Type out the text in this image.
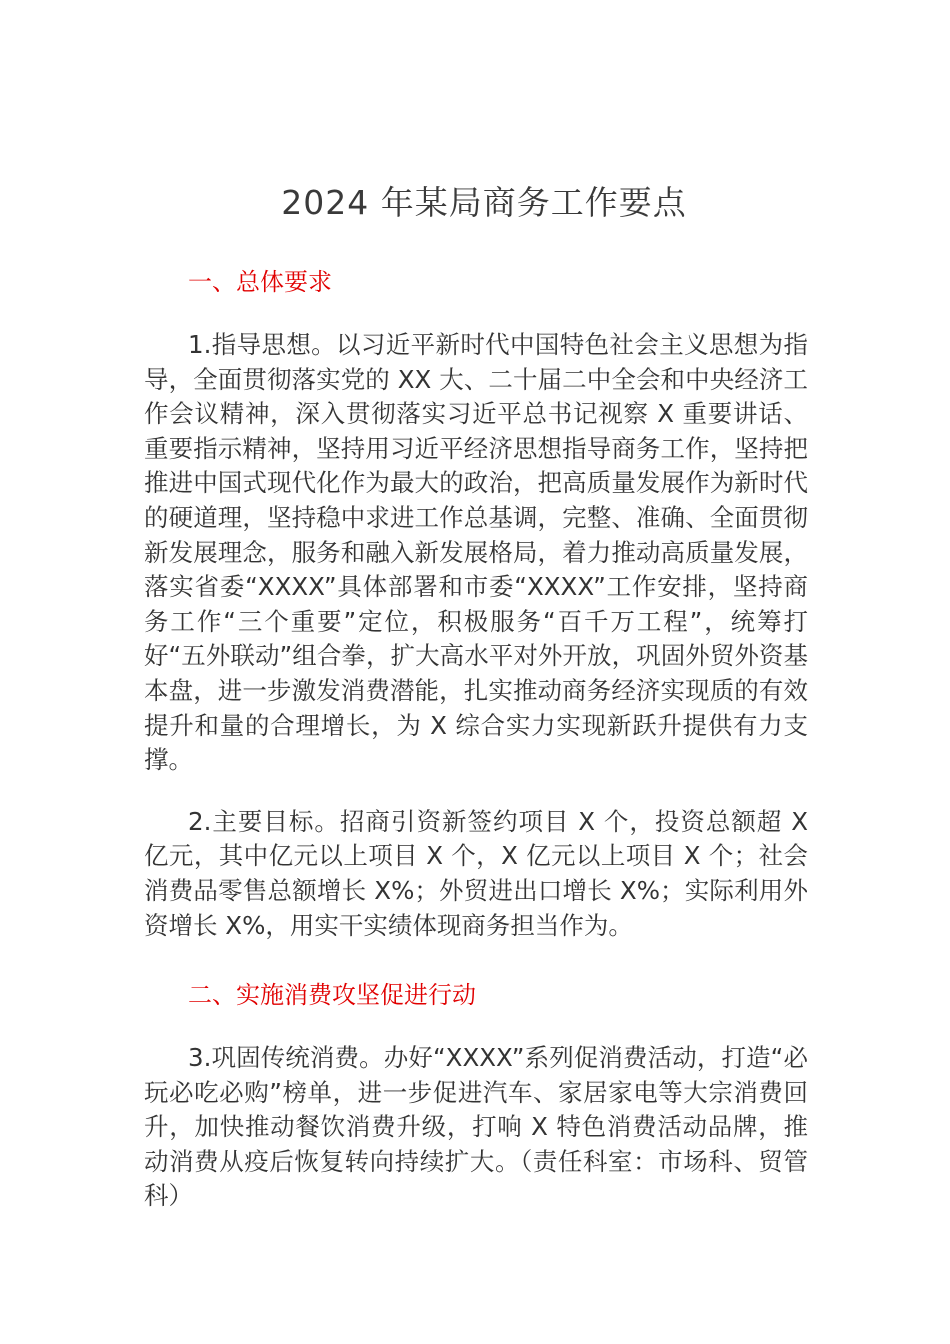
2024 年某局商务工作要点
一、总体要求

1.指导思想。以习近平新时代中国特色社会主义思想为指导，全面贯彻落实党的 XX 大、二十届二中全会和中央经济工作会议精神，深入贯彻落实习近平总书记视察 X 重要讲话、重要指示精神，坚持用习近平经济思想指导商务工作，坚持把推进中国式现代化作为最大的政治，把高质量发展作为新时代的硬道理，坚持稳中求进工作总基调，完整、准确、全面贯彻新发展理念，服务和融入新发展格局，着力推动高质量发展，落实省委“XXXX”具体部署和市委“XXXX”工作安排，坚持商务工作“三个重要”定位，积极服务“百千万工程”，统筹打好“五外联动”组合拳，扩大高水平对外开放，巩固外贸外资基本盘，进一步激发消费潜能，扎实推动商务经济实现质的有效提升和量的合理增长，为 X 综合实力实现新跃升提供有力支撑。

2.主要目标。招商引资新签约项目 X 个，投资总额超 X 亿元，其中亿元以上项目 X 个，X 亿元以上项目 X 个；社会消费品零售总额增长 X%；外贸进出口增长 X%；实际利用外资增长 X%，用实干实绩体现商务担当作为。

二、实施消费攻坚促进行动

3.巩固传统消费。办好“XXXX”系列促消费活动，打造“必玩必吃必购”榜单，进一步促进汽车、家居家电等大宗消费回升，加快推动餐饮消费升级，打响 X 特色消费活动品牌，推动消费从疫后恢复转向持续扩大。（责任科室：市场科、贸管科）
